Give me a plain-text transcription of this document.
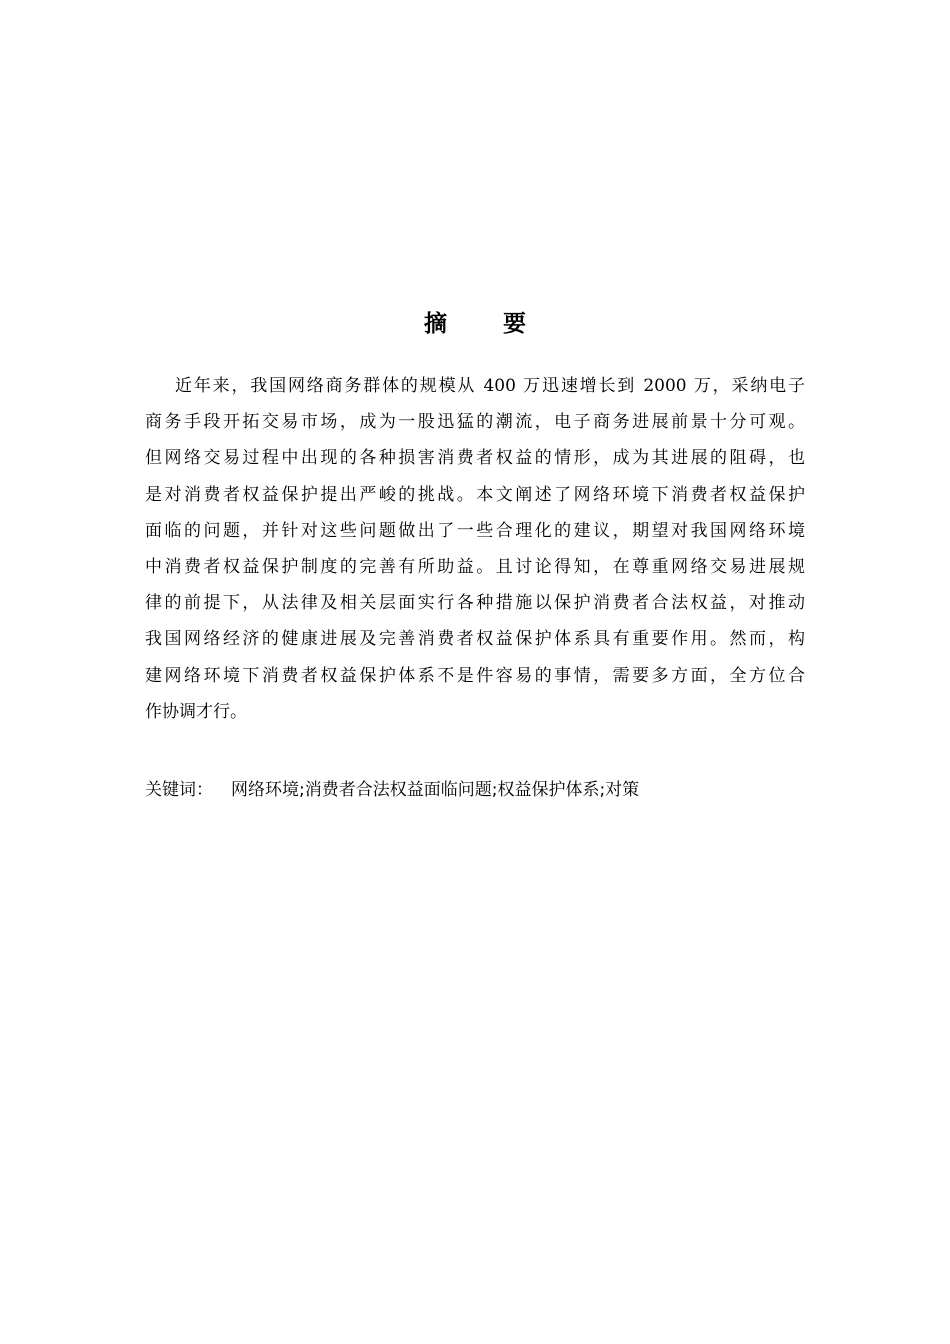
摘 要
近年来，我国网络商务群体的规模从 400 万迅速增长到 2000 万，采纳电子
商务手段开拓交易市场，成为一股迅猛的潮流，电子商务进展前景十分可观。
但网络交易过程中出现的各种损害消费者权益的情形，成为其进展的阻碍，也
是对消费者权益保护提出严峻的挑战。本文阐述了网络环境下消费者权益保护
面临的问题，并针对这些问题做出了一些合理化的建议，期望对我国网络环境
中消费者权益保护制度的完善有所助益。且讨论得知，在尊重网络交易进展规
律的前提下，从法律及相关层面实行各种措施以保护消费者合法权益，对推动
我国网络经济的健康进展及完善消费者权益保护体系具有重要作用。然而，构
建网络环境下消费者权益保护体系不是件容易的事情，需要多方面，全方位合
作协调才行。
关键词： 网络环境;消费者合法权益面临问题;权益保护体系;对策
